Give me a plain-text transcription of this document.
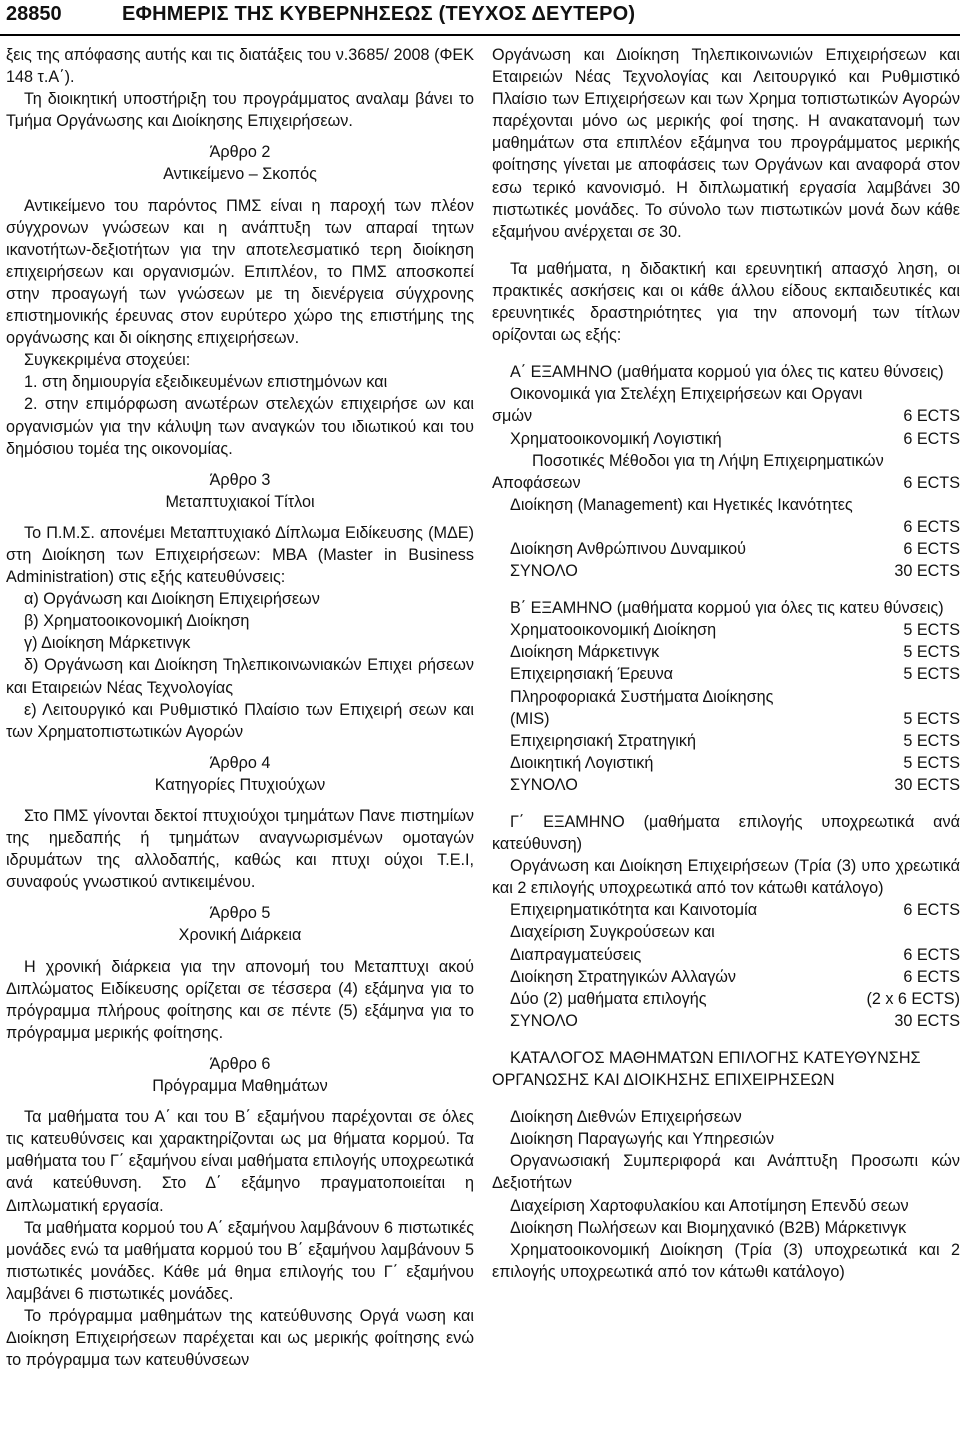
28850	ΕΦΗΜΕΡΙΣ ΤΗΣ ΚΥΒΕΡΝΗΣΕΩΣ (ΤΕΥΧΟΣ ΔΕΥΤΕΡΟ)

ξεις της απόφασης αυτής και τις διατάξεις του ν.3685/ 2008 (ΦΕΚ 148 τ.Α΄).

Τη διοικητική υποστήριξη του προγράμματος αναλαμ βάνει το Τμήμα Οργάνωσης και Διοίκησης Επιχειρήσεων.

Άρθρο 2

Αντικείμενο – Σκοπός

Αντικείμενο του παρόντος ΠΜΣ είναι η παροχή των πλέον σύγχρονων γνώσεων και η ανάπτυξη των απαραί τητων ικανοτήτων-δεξιοτήτων για την αποτελεσματικό τερη διοίκηση επιχειρήσεων και οργανισμών. Επιπλέον, το ΠΜΣ αποσκοπεί στην προαγωγή των γνώσεων με τη διενέργεια σύγχρονης επιστημονικής έρευνας στον ευρύτερο χώρο της επιστήμης της οργάνωσης και δι οίκησης επιχειρήσεων.

Συγκεκριμένα στοχεύει:

1. στη δημιουργία εξειδικευμένων επιστημόνων και

2. στην επιμόρφωση ανωτέρων στελεχών επιχειρήσε ων και οργανισμών για την κάλυψη των αναγκών του ιδιωτικού και του δημόσιου τομέα της οικονομίας.

Άρθρο 3

Μεταπτυχιακοί Τίτλοι

Το Π.Μ.Σ. απονέμει Μεταπτυχιακό Δίπλωμα Ειδίκευσης (ΜΔΕ) στη Διοίκηση των Επιχειρήσεων: MBA (Master in Business Administration) στις εξής κατευθύνσεις:

α) Οργάνωση και Διοίκηση Επιχειρήσεων

β) Χρηματοοικονομική Διοίκηση

γ) Διοίκηση Μάρκετινγκ

δ) Οργάνωση και Διοίκηση Τηλεπικοινωνιακών Επιχει ρήσεων και Εταιρειών Νέας Τεχνολογίας

ε) Λειτουργικό και Ρυθμιστικό Πλαίσιο των Επιχειρή σεων και των Χρηματοπιστωτικών Αγορών

Άρθρο 4

Κατηγορίες Πτυχιούχων

Στο ΠΜΣ γίνονται δεκτοί πτυχιούχοι τμημάτων Πανε πιστημίων της ημεδαπής ή τμημάτων αναγνωρισμένων ομοταγών ιδρυμάτων της αλλοδαπής, καθώς και πτυχι ούχοι Τ.Ε.Ι, συναφούς γνωστικού αντικειμένου.

Άρθρο 5

Χρονική Διάρκεια

Η χρονική διάρκεια για την απονομή του Μεταπτυχι ακού Διπλώματος Ειδίκευσης ορίζεται σε τέσσερα (4) εξάμηνα για το πρόγραμμα πλήρους φοίτησης και σε πέντε (5) εξάμηνα για το πρόγραμμα μερικής φοίτησης.

Άρθρο 6

Πρόγραμμα Μαθημάτων

Τα μαθήματα του Α΄ και του Β΄ εξαμήνου παρέχονται σε όλες τις κατευθύνσεις και χαρακτηρίζονται ως μα θήματα κορμού. Τα μαθήματα του Γ΄ εξαμήνου είναι μαθήματα επιλογής υποχρεωτικά ανά κατεύθυνση. Στο Δ΄ εξάμηνο πραγματοποιείται η Διπλωματική εργασία.

Τα μαθήματα κορμού του Α΄ εξαμήνου λαμβάνουν 6 πιστωτικές μονάδες ενώ τα μαθήματα κορμού του Β΄ εξαμήνου λαμβάνουν 5 πιστωτικές μονάδες. Κάθε μά θημα επιλογής του Γ΄ εξαμήνου λαμβάνει 6 πιστωτικές μονάδες.

Το πρόγραμμα μαθημάτων της κατεύθυνσης Οργά νωση και Διοίκηση Επιχειρήσεων παρέχεται και ως μερικής φοίτησης ενώ το πρόγραμμα των κατευθύνσεων

Οργάνωση και Διοίκηση Τηλεπικοινωνιών Επιχειρήσεων και Εταιρειών Νέας Τεχνολογίας και Λειτουργικό και Ρυθμιστικό Πλαίσιο των Επιχειρήσεων και των Χρημα τοπιστωτικών Αγορών παρέχονται μόνο ως μερικής φοί τησης. Η ανακατανομή των μαθημάτων στα επιπλέον εξάμηνα του προγράμματος μερικής φοίτησης γίνεται με αποφάσεις των Οργάνων και αναφορά στον εσω τερικό κανονισμό. Η διπλωματική εργασία λαμβάνει 30 πιστωτικές μονάδες. Το σύνολο των πιστωτικών μονά δων κάθε εξαμήνου ανέρχεται σε 30.

Τα μαθήματα, η διδακτική και ερευνητική απασχό ληση, οι πρακτικές ασκήσεις και οι κάθε άλλου είδους εκπαιδευτικές και ερευνητικές δραστηριότητες για την απονομή των τίτλων ορίζονται ως εξής:

Α΄ ΕΞΑΜΗΝΟ (μαθήματα κορμού για όλες τις κατευ θύνσεις)

Οικονομικά για Στελέχη Επιχειρήσεων και Οργανι

σμών	6 ECTS
Χρηματοοικονομική Λογιστική	6 ECTS

Ποσοτικές Μέθοδοι για τη Λήψη Επιχειρηματικών

Αποφάσεων	6 ECTS

Διοίκηση (Management) και Ηγετικές Ικανότητες

6 ECTS
Διοίκηση Ανθρώπινου Δυναμικού	6 ECTS
ΣΥΝΟΛΟ	30 ECTS

Β΄ ΕΞΑΜΗΝΟ (μαθήματα κορμού για όλες τις κατευ θύνσεις)

Χρηματοοικονομική Διοίκηση	5 ECTS
Διοίκηση Μάρκετινγκ	5 ECTS
Επιχειρησιακή Έρευνα	5 ECTS

Πληροφοριακά Συστήματα Διοίκησης

(MIS)	5 ECTS
Επιχειρησιακή Στρατηγική	5 ECTS
Διοικητική Λογιστική	5 ECTS
ΣΥΝΟΛΟ	30 ECTS

Γ΄ ΕΞΑΜΗΝΟ (μαθήματα επιλογής υποχρεωτικά ανά κατεύθυνση)

Οργάνωση και Διοίκηση Επιχειρήσεων (Τρία (3) υπο χρεωτικά και 2 επιλογής υποχρεωτικά από τον κάτωθι κατάλογο)

Επιχειρηματικότητα και Καινοτομία	6 ECTS

Διαχείριση Συγκρούσεων και

Διαπραγματεύσεις	6 ECTS
Διοίκηση Στρατηγικών Αλλαγών	6 ECTS
Δύο (2) μαθήματα επιλογής	(2 x 6 ECTS)
ΣΥΝΟΛΟ	30 ECTS

ΚΑΤΑΛΟΓΟΣ ΜΑΘΗΜΑΤΩΝ ΕΠΙΛΟΓΗΣ ΚΑΤΕΥΘΥΝΣΗΣ ΟΡΓΑΝΩΣΗΣ ΚΑΙ ΔΙΟΙΚΗΣΗΣ ΕΠΙΧΕΙΡΗΣΕΩΝ

Διοίκηση Διεθνών Επιχειρήσεων

Διοίκηση Παραγωγής και Υπηρεσιών

Οργανωσιακή Συμπεριφορά και Ανάπτυξη Προσωπι κών Δεξιοτήτων

Διαχείριση Χαρτοφυλακίου και Αποτίμηση Επενδύ σεων

Διοίκηση Πωλήσεων και Βιομηχανικό (B2B) Μάρκετινγκ

Χρηματοοικονομική Διοίκηση (Τρία (3) υποχρεωτικά και 2 επιλογής υποχρεωτικά από τον κάτωθι κατάλογο)
